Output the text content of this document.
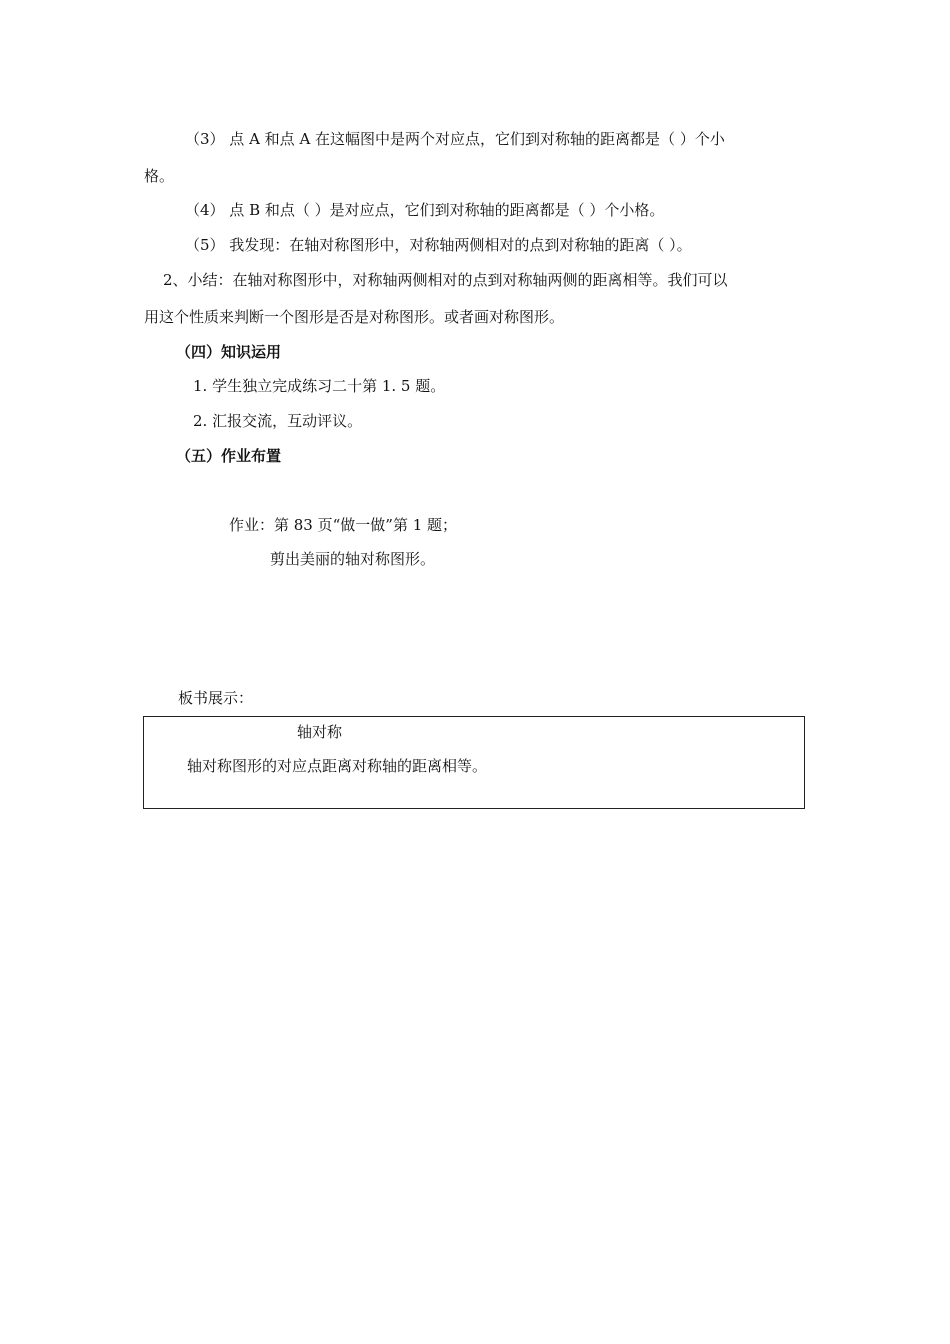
（3） 点 A 和点 A 在这幅图中是两个对应点，它们到对称轴的距离都是（ ）个小
格。
（4） 点 B 和点（ ）是对应点，它们到对称轴的距离都是（ ）个小格。
（5） 我发现：在轴对称图形中，对称轴两侧相对的点到对称轴的距离（ ）。
2、小结：在轴对称图形中，对称轴两侧相对的点到对称轴两侧的距离相等。我们可以
用这个性质来判断一个图形是否是对称图形。或者画对称图形。
（四）知识运用
1. 学生独立完成练习二十第 1. 5 题。
2. 汇报交流，互动评议。
（五）作业布置
作业：第 83 页“做一做”第 1 题；
剪出美丽的轴对称图形。
板书展示：
轴对称
轴对称图形的对应点距离对称轴的距离相等。
